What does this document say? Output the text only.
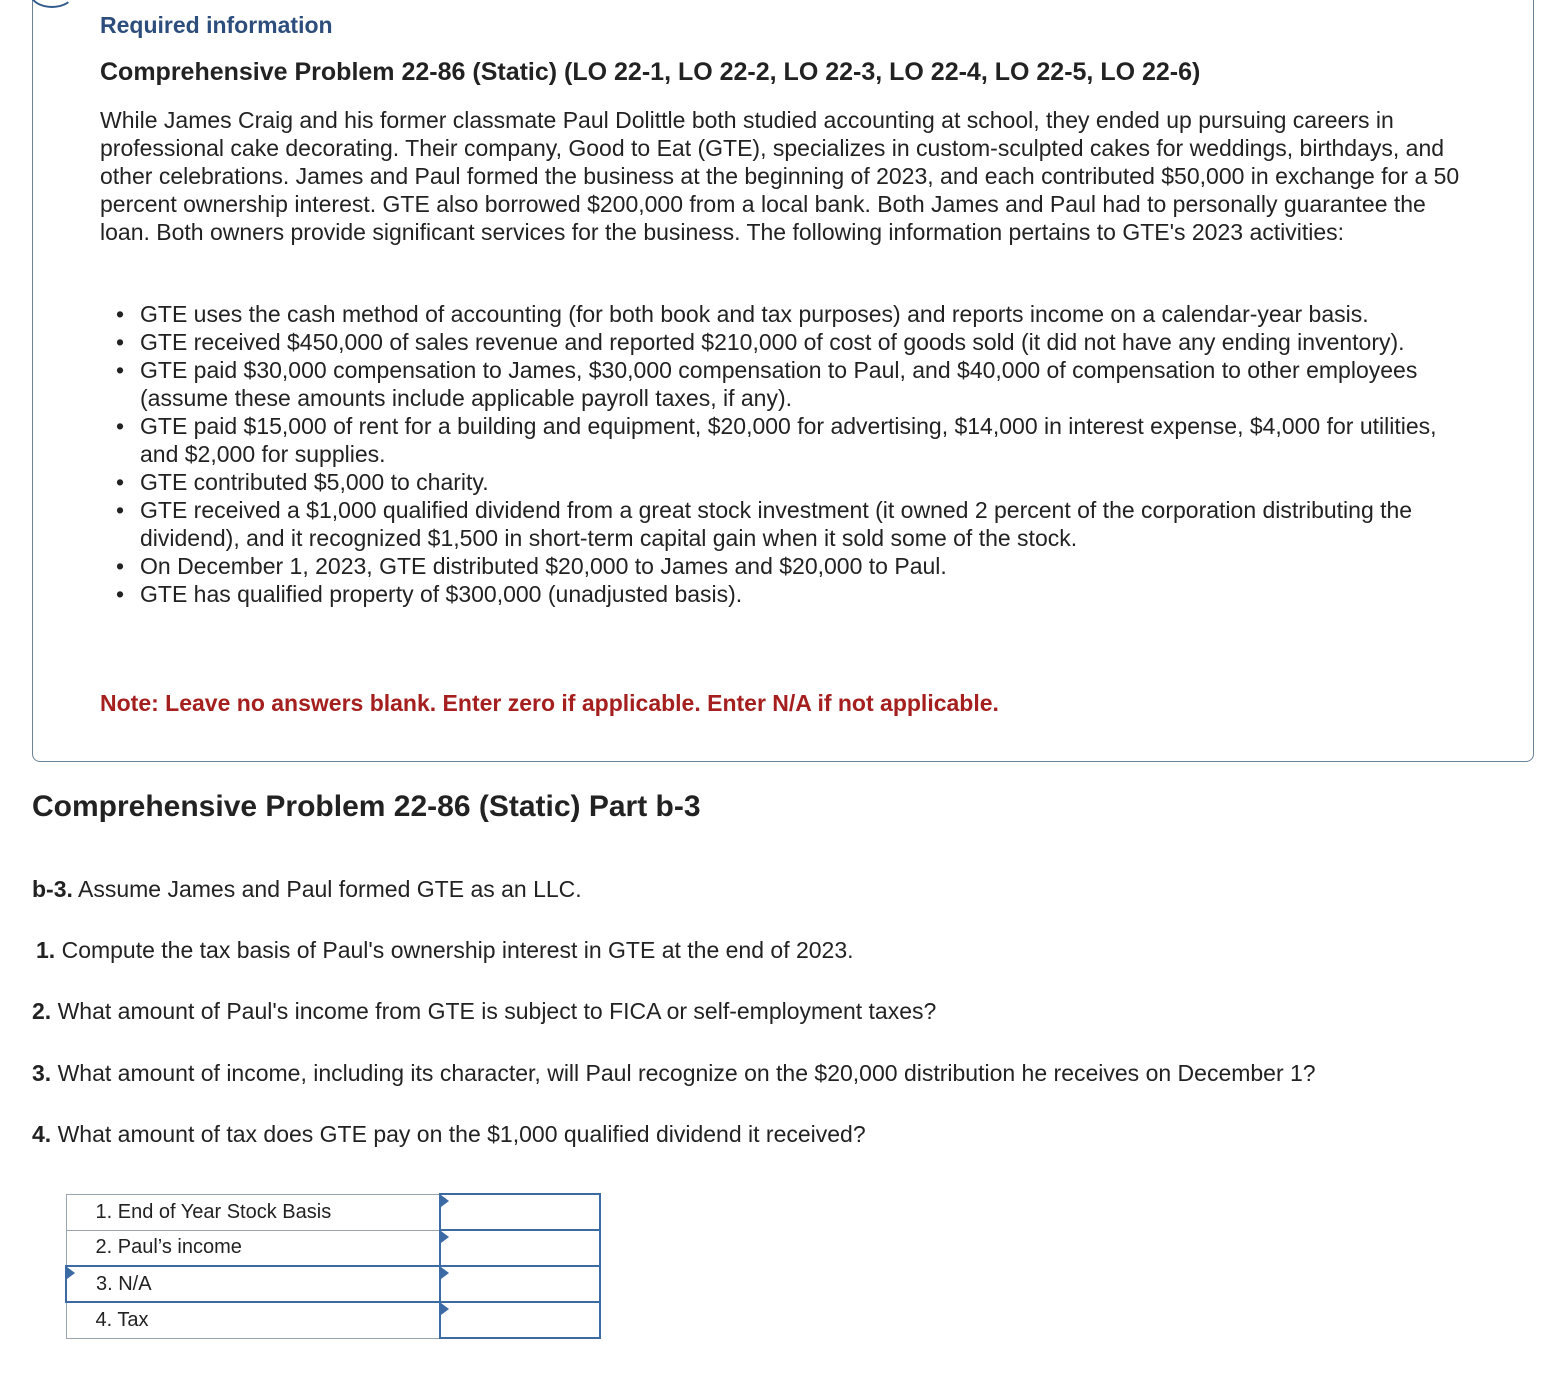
Required information
Comprehensive Problem 22-86 (Static) (LO 22-1, LO 22-2, LO 22-3, LO 22-4, LO 22-5, LO 22-6)

While James Craig and his former classmate Paul Dolittle both studied accounting at school, they ended up pursuing careers in professional cake decorating. Their company, Good to Eat (GTE), specializes in custom-sculpted cakes for weddings, birthdays, and other celebrations. James and Paul formed the business at the beginning of 2023, and each contributed $50,000 in exchange for a 50 percent ownership interest. GTE also borrowed $200,000 from a local bank. Both James and Paul had to personally guarantee the loan. Both owners provide significant services for the business. The following information pertains to GTE's 2023 activities:

• GTE uses the cash method of accounting (for both book and tax purposes) and reports income on a calendar-year basis.
• GTE received $450,000 of sales revenue and reported $210,000 of cost of goods sold (it did not have any ending inventory).
• GTE paid $30,000 compensation to James, $30,000 compensation to Paul, and $40,000 of compensation to other employees (assume these amounts include applicable payroll taxes, if any).
• GTE paid $15,000 of rent for a building and equipment, $20,000 for advertising, $14,000 in interest expense, $4,000 for utilities, and $2,000 for supplies.
• GTE contributed $5,000 to charity.
• GTE received a $1,000 qualified dividend from a great stock investment (it owned 2 percent of the corporation distributing the dividend), and it recognized $1,500 in short-term capital gain when it sold some of the stock.
• On December 1, 2023, GTE distributed $20,000 to James and $20,000 to Paul.
• GTE has qualified property of $300,000 (unadjusted basis).

Note: Leave no answers blank. Enter zero if applicable. Enter N/A if not applicable.

Comprehensive Problem 22-86 (Static) Part b-3

b-3. Assume James and Paul formed GTE as an LLC.

1. Compute the tax basis of Paul's ownership interest in GTE at the end of 2023.

2. What amount of Paul's income from GTE is subject to FICA or self-employment taxes?

3. What amount of income, including its character, will Paul recognize on the $20,000 distribution he receives on December 1?

4. What amount of tax does GTE pay on the $1,000 qualified dividend it received?

1. End of Year Stock Basis	

2. Paul’s income	

3. N/A	

4. Tax	
